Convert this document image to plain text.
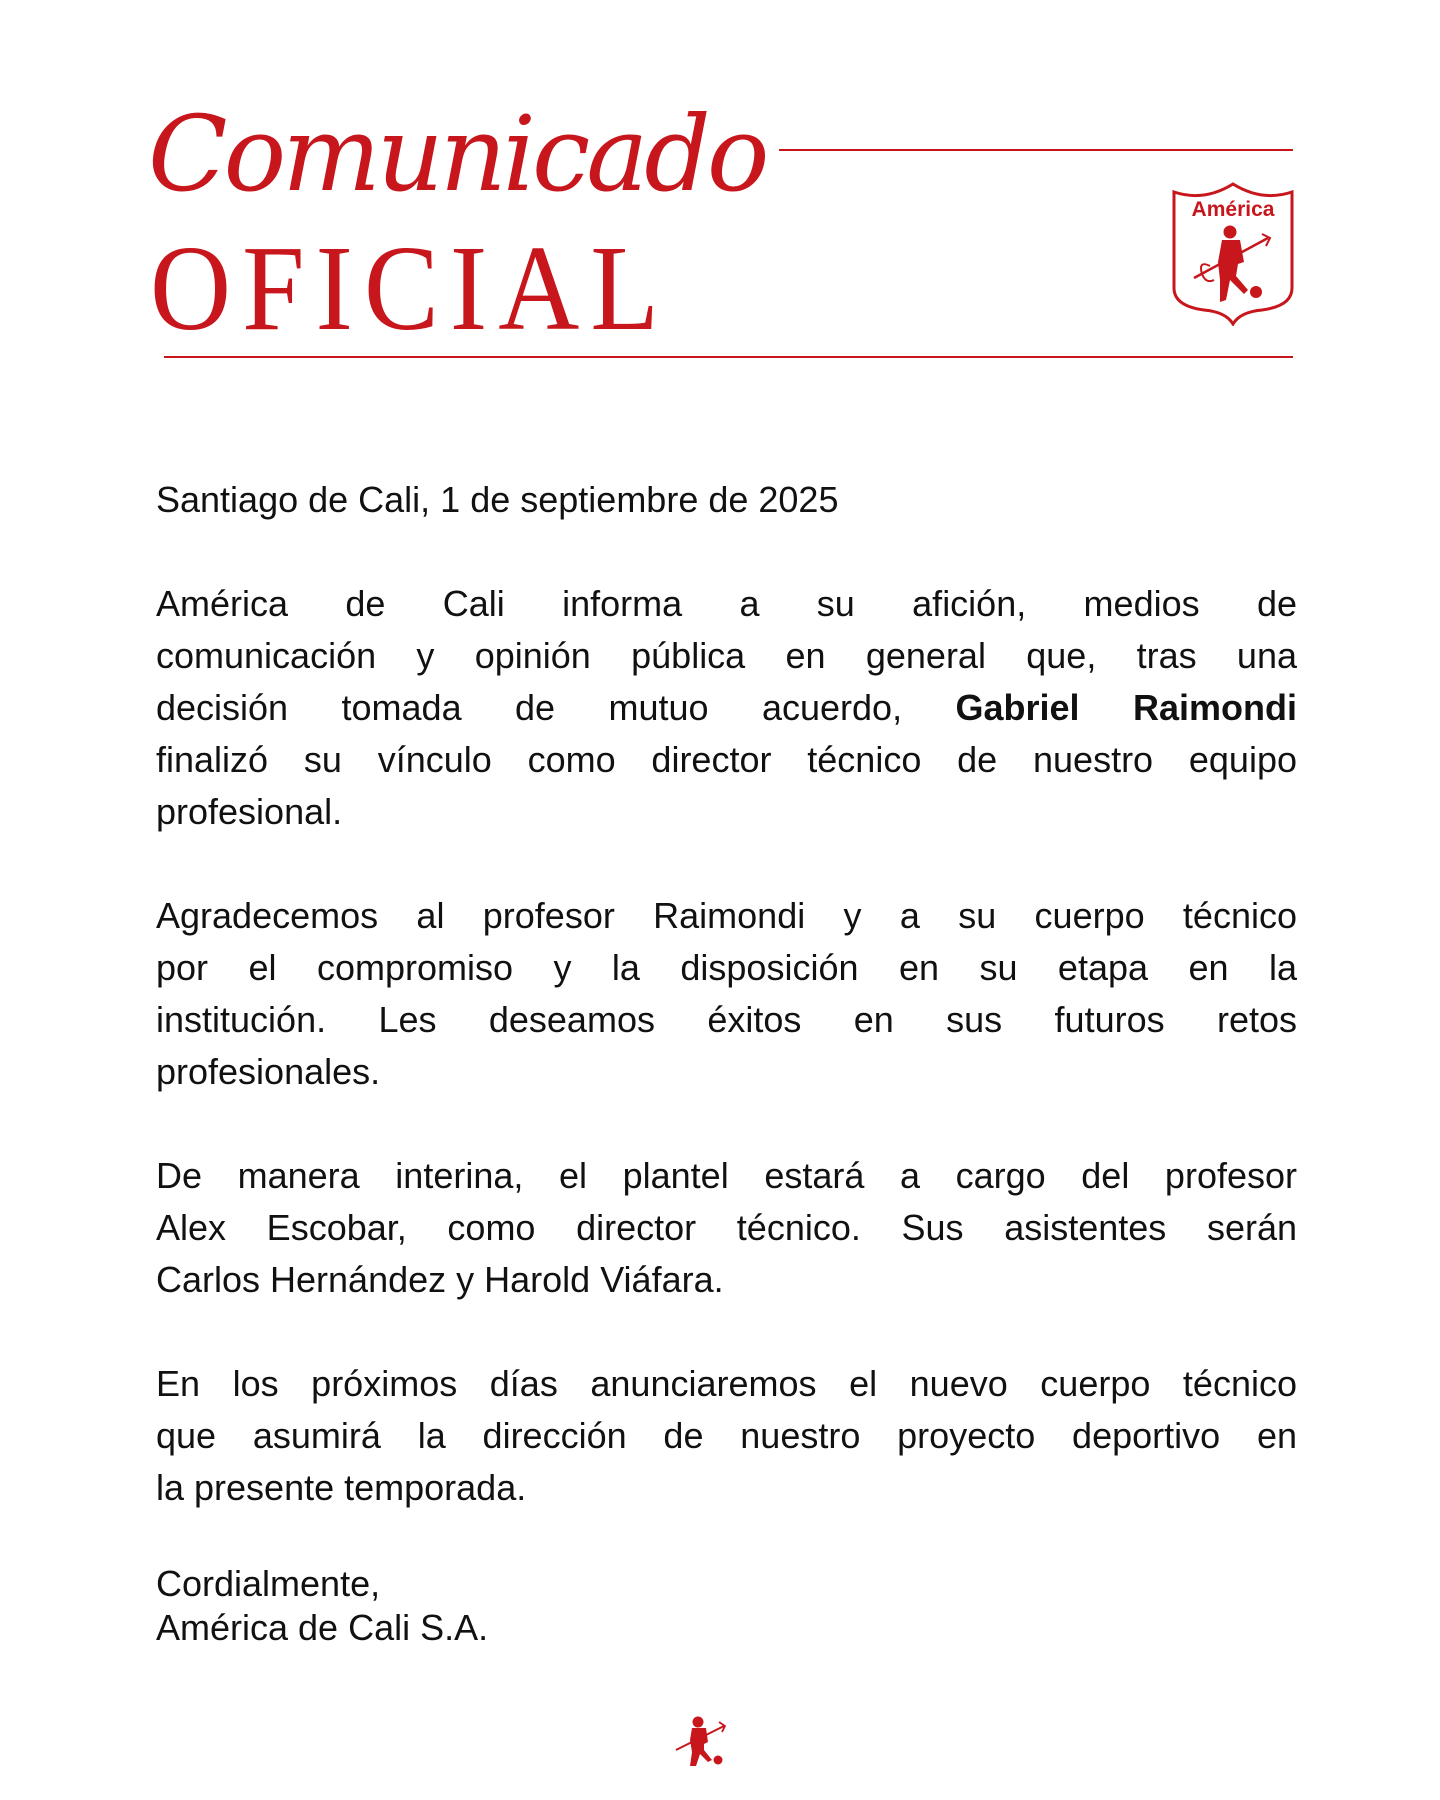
Comunicado
OFICIAL
América

Santiago de Cali, 1 de septiembre de 2025

América de Cali informa a su afición, medios de
comunicación y opinión pública en general que, tras una
decisión tomada de mutuo acuerdo, Gabriel Raimondi
finalizó su vínculo como director técnico de nuestro equipo
profesional.

Agradecemos al profesor Raimondi y a su cuerpo técnico
por el compromiso y la disposición en su etapa en la
institución. Les deseamos éxitos en sus futuros retos
profesionales.

De manera interina, el plantel estará a cargo del profesor
Alex Escobar, como director técnico. Sus asistentes serán
Carlos Hernández y Harold Viáfara.

En los próximos días anunciaremos el nuevo cuerpo técnico
que asumirá la dirección de nuestro proyecto deportivo en
la presente temporada.

Cordialmente,
América de Cali S.A.
